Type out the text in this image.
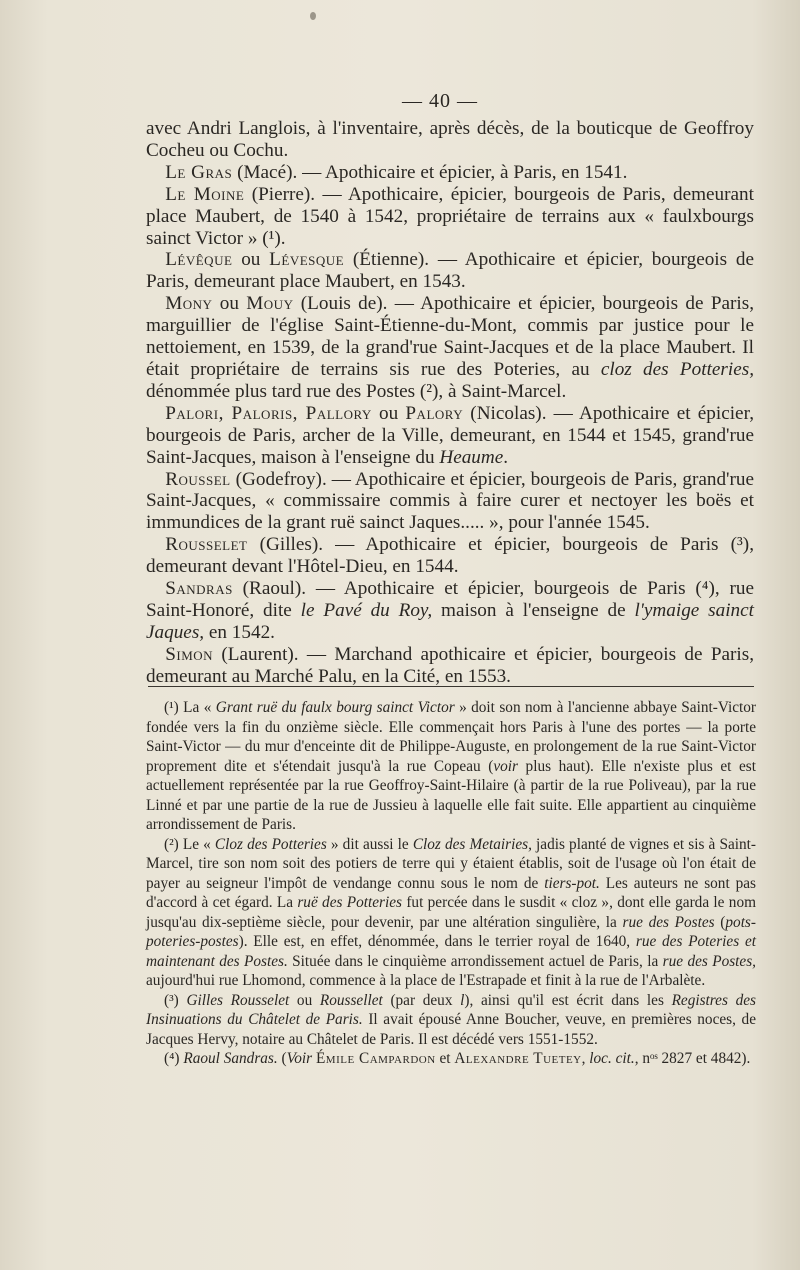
— 40 —

avec Andri Langlois, à l'inventaire, après décès, de la bouticque de Geoffroy Cocheu ou Cochu.

 Le Gras (Macé). — Apothicaire et épicier, à Paris, en 1541.

 Le Moine (Pierre). — Apothicaire, épicier, bourgeois de Paris, demeurant place Maubert, de 1540 à 1542, propriétaire de terrains aux « faulxbourgs sainct Victor » (¹).

 Lévêque ou Lévesque (Étienne). — Apothicaire et épicier, bourgeois de Paris, demeurant place Maubert, en 1543.

 Mony ou Mouy (Louis de). — Apothicaire et épicier, bourgeois de Paris, marguillier de l'église Saint-Étienne-du-Mont, commis par justice pour le nettoiement, en 1539, de la grand'rue Saint-Jacques et de la place Maubert. Il était propriétaire de terrains sis rue des Poteries, au cloz des Potteries, dénommée plus tard rue des Postes (²), à Saint-Marcel.

 Palori, Paloris, Pallory ou Palory (Nicolas). — Apothicaire et épicier, bourgeois de Paris, archer de la Ville, demeurant, en 1544 et 1545, grand'rue Saint-Jacques, maison à l'enseigne du Heaume.

 Roussel (Godefroy). — Apothicaire et épicier, bourgeois de Paris, grand'rue Saint-Jacques, « commissaire commis à faire curer et nectoyer les boës et immundices de la grant ruë sainct Jaques..... », pour l'année 1545.

 Rousselet (Gilles). — Apothicaire et épicier, bourgeois de Paris (³), demeurant devant l'Hôtel-Dieu, en 1544.

 Sandras (Raoul). — Apothicaire et épicier, bourgeois de Paris (⁴), rue Saint-Honoré, dite le Pavé du Roy, maison à l'enseigne de l'ymaige sainct Jaques, en 1542.

 Simon (Laurent). — Marchand apothicaire et épicier, bourgeois de Paris, demeurant au Marché Palu, en la Cité, en 1553.

(¹) La « Grant ruë du faulx bourg sainct Victor » doit son nom à l'ancienne abbaye Saint-Victor fondée vers la fin du onzième siècle. Elle commençait hors Paris à l'une des portes — la porte Saint-Victor — du mur d'enceinte dit de Philippe-Auguste, en prolongement de la rue Saint-Victor proprement dite et s'étendait jusqu'à la rue Copeau (voir plus haut). Elle n'existe plus et est actuellement représentée par la rue Geoffroy-Saint-Hilaire (à partir de la rue Poliveau), par la rue Linné et par une partie de la rue de Jussieu à laquelle elle fait suite. Elle appartient au cinquième arrondissement de Paris.

(²) Le « Cloz des Potteries » dit aussi le Cloz des Metairies, jadis planté de vignes et sis à Saint-Marcel, tire son nom soit des potiers de terre qui y étaient établis, soit de l'usage où l'on était de payer au seigneur l'impôt de vendange connu sous le nom de tiers-pot. Les auteurs ne sont pas d'accord à cet égard. La ruë des Potteries fut percée dans le susdit « cloz », dont elle garda le nom jusqu'au dix-septième siècle, pour devenir, par une altération singulière, la rue des Postes (pots-poteries-postes). Elle est, en effet, dénommée, dans le terrier royal de 1640, rue des Poteries et maintenant des Postes. Située dans le cinquième arrondissement actuel de Paris, la rue des Postes, aujourd'hui rue Lhomond, commence à la place de l'Estrapade et finit à la rue de l'Arbalète.

(³) Gilles Rousselet ou Roussellet (par deux l), ainsi qu'il est écrit dans les Registres des Insinuations du Châtelet de Paris. Il avait épousé Anne Boucher, veuve, en premières noces, de Jacques Hervy, notaire au Châtelet de Paris. Il est décédé vers 1551-1552.

(⁴) Raoul Sandras. (Voir Émile Campardon et Alexandre Tuetey, loc. cit., nᵒˢ 2827 et 4842).
